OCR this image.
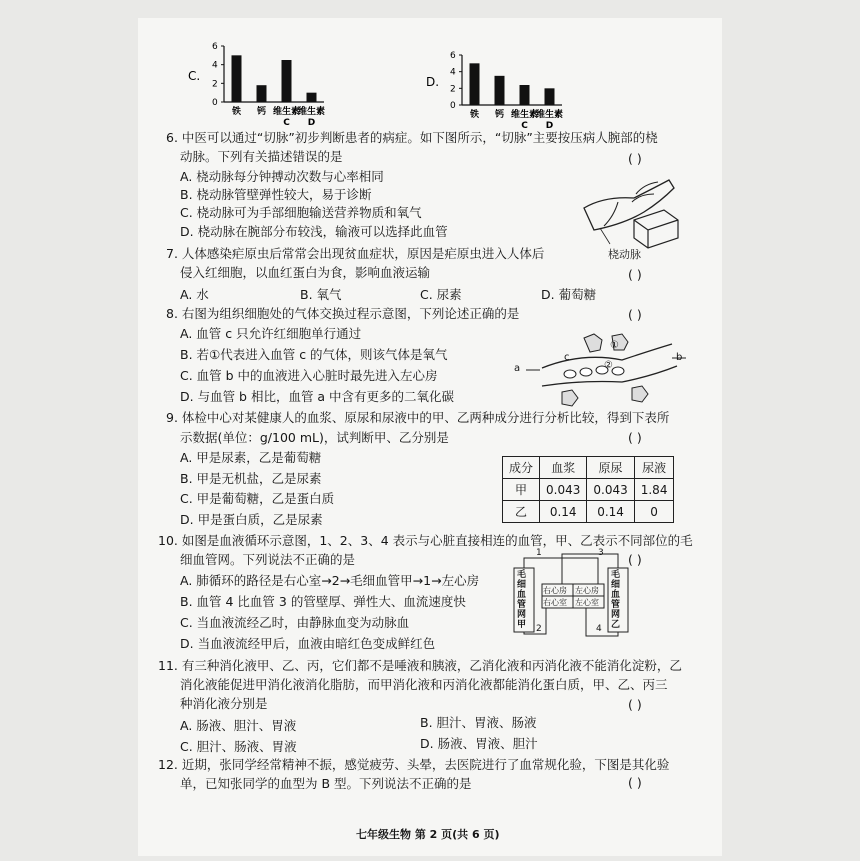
C.
0
2
4
6
铁 钙 维生素
C
维生素
D
D.
0
2
4
6
铁 钙 维生素
C
维生素
D
6. 中医可以通过“切脉”初步判断患者的病症。如下图所示，“切脉”主要按压病人腕部的桡
动脉。下列有关描述错误的是	( )
A. 桡动脉每分钟搏动次数与心率相同
B. 桡动脉管壁弹性较大，易于诊断
C. 桡动脉可为手部细胞输送营养物质和氧气
D. 桡动脉在腕部分布较浅，输液可以选择此血管
桡动脉
7. 人体感染疟原虫后常常会出现贫血症状，原因是疟原虫进入人体后
侵入红细胞，以血红蛋白为食，影响血液运输	( )
A. 水	B. 氧气	C. 尿素	D. 葡萄糖
8. 右图为组织细胞处的气体交换过程示意图，下列论述正确的是	( )
A. 血管 c 只允许红细胞单行通过
B. 若①代表进入血管 c 的气体，则该气体是氧气
C. 血管 b 中的血液进入心脏时最先进入左心房
D. 与血管 b 相比，血管 a 中含有更多的二氧化碳
a
b
c
①
②
9. 体检中心对某健康人的血浆、原尿和尿液中的甲、乙两种成分进行分析比较，得到下表所
示数据(单位：g/100 mL)，试判断甲、乙分别是	( )
A. 甲是尿素，乙是葡萄糖
B. 甲是无机盐，乙是尿素
C. 甲是葡萄糖，乙是蛋白质
D. 甲是蛋白质，乙是尿素
成分	血浆	原尿	尿液
甲	0.043	0.043	1.84
乙	0.14	0.14	0
10. 如图是血液循环示意图，1、2、3、4 表示与心脏直接相连的血管，甲、乙表示不同部位的毛
细血管网。下列说法不正确的是	( )
A. 肺循环的路径是右心室→2→毛细血管甲→1→左心房
B. 血管 4 比血管 3 的管壁厚、弹性大、血流速度快
C. 当血液流经乙时，由静脉血变为动脉血
D. 当血液流经甲后，血液由暗红色变成鲜红色
毛细血管网甲
毛细血管网乙
右心房 左心房
右心室 左心室
1
2
3
4
11. 有三种消化液甲、乙、丙，它们都不是唾液和胰液，乙消化液和丙消化液不能消化淀粉，乙
消化液能促进甲消化液消化脂肪，而甲消化液和丙消化液都能消化蛋白质，甲、乙、丙三
种消化液分别是	( )
A. 肠液、胆汁、胃液	B. 胆汁、胃液、肠液
C. 胆汁、肠液、胃液	D. 肠液、胃液、胆汁
12. 近期，张同学经常精神不振，感觉疲劳、头晕，去医院进行了血常规化验，下图是其化验
单，已知张同学的血型为 B 型。下列说法不正确的是	( )
七年级生物 第 2 页(共 6 页)
